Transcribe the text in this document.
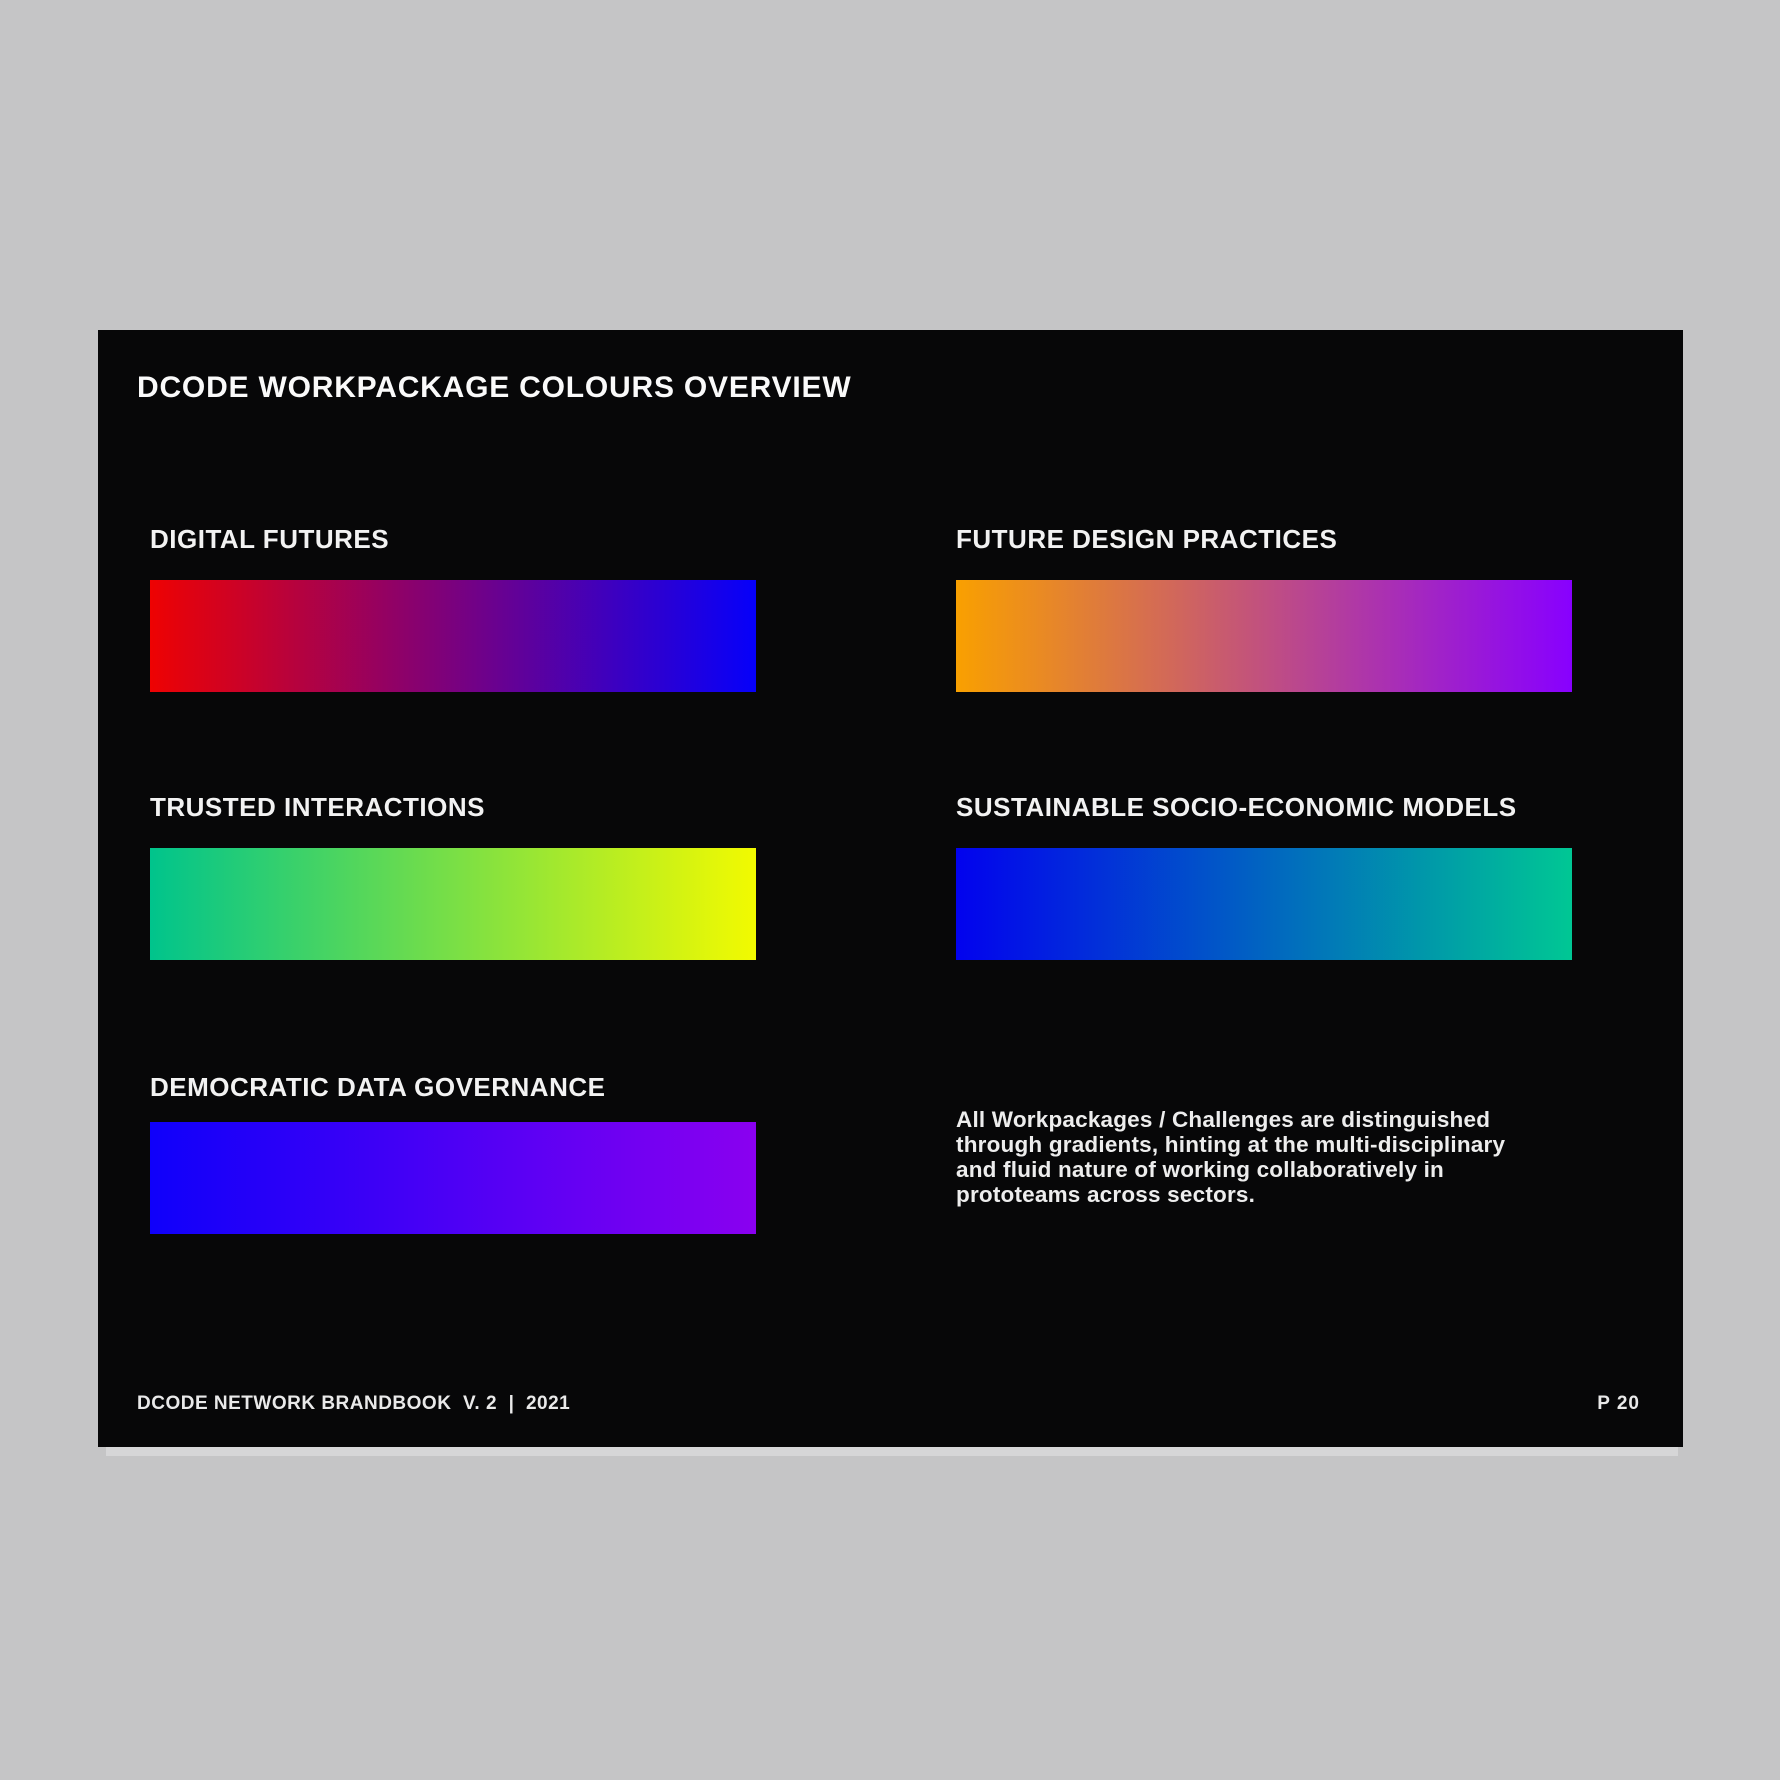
DCODE WORKPACKAGE COLOURS OVERVIEW
DIGITAL FUTURES	FUTURE DESIGN PRACTICES
TRUSTED INTERACTIONS	SUSTAINABLE SOCIO-ECONOMIC MODELS
DEMOCRATIC DATA GOVERNANCE
All Workpackages / Challenges are distinguished
through gradients, hinting at the multi-disciplinary
and fluid nature of working collaboratively in
prototeams across sectors.
DCODE NETWORK BRANDBOOK  V. 2  |  2021	P 20
